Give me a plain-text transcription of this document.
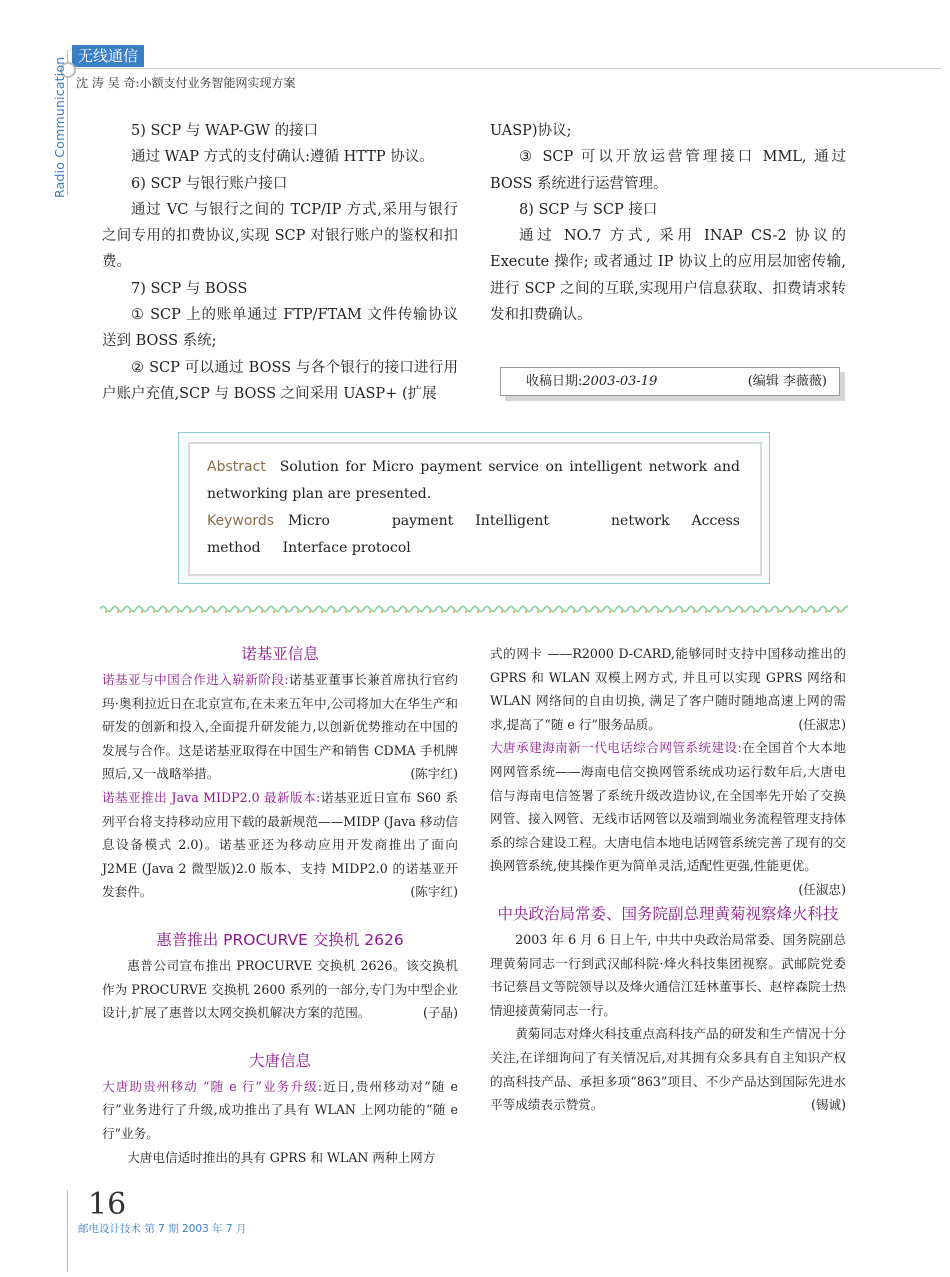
无线通信
Radio Communication 沈 涛 吴 奇:小额支付业务智能网实现方案

5) SCP 与 WAP-GW 的接口

通过 WAP 方式的支付确认:遵循 HTTP 协议。

6) SCP 与银行账户接口

通过 VC 与银行之间的 TCP/IP 方式,采用与银行之间专用的扣费协议,实现 SCP 对银行账户的鉴权和扣费。

7) SCP 与 BOSS

① SCP 上的账单通过 FTP/FTAM 文件传输协议送到 BOSS 系统;

② SCP 可以通过 BOSS 与各个银行的接口进行用户账户充值,SCP 与 BOSS 之间采用 UASP+ (扩展

UASP)协议;

③ SCP 可以开放运营管理接口 MML, 通过 BOSS 系统进行运营管理。

8) SCP 与 SCP 接口

通过 NO.7 方式, 采用 INAP CS-2 协议的 Execute 操作; 或者通过 IP 协议上的应用层加密传输,进行 SCP 之间的互联,实现用户信息获取、扣费请求转发和扣费确认。

收稿日期:2003-03-19	(编辑 李薇薇)
Abstract Solution for Micro payment service on intelligent network and networking plan are presented.
Keywords Micro payment Intelligent network Access method Interface protocol

诺基亚信息

诺基亚与中国合作进入崭新阶段:诺基亚董事长兼首席执行官约玛·奥利拉近日在北京宣布,在未来五年中,公司将加大在华生产和研发的创新和投入,全面提升研发能力,以创新优势推动在中国的发展与合作。这是诺基亚取得在中国生产和销售 CDMA 手机牌照后,又一战略举措。	(陈宇红)

诺基亚推出 Java MIDP2.0 最新版本:诺基亚近日宣布 S60 系列平台将支持移动应用下载的最新规范——MIDP (Java 移动信息设备模式 2.0)。诺基亚还为移动应用开发商推出了面向 J2ME (Java 2 微型版)2.0 版本、支持 MIDP2.0 的诺基亚开发套件。	(陈宇红)

惠普推出 PROCURVE 交换机 2626

惠普公司宣布推出 PROCURVE 交换机 2626。该交换机作为 PROCURVE 交换机 2600 系列的一部分,专门为中型企业设计,扩展了惠普以太网交换机解决方案的范围。	(子晶)

大唐信息

大唐助贵州移动 “随 e 行”业务升级:近日,贵州移动对“随 e 行”业务进行了升级,成功推出了具有 WLAN 上网功能的“随 e 行”业务。

大唐电信适时推出的具有 GPRS 和 WLAN 两种上网方

式的网卡 ——R2000 D-CARD,能够同时支持中国移动推出的 GPRS 和 WLAN 双模上网方式, 并且可以实现 GPRS 网络和 WLAN 网络间的自由切换, 满足了客户随时随地高速上网的需求,提高了“随 e 行”服务品质。	(任淑忠)

大唐承建海南新一代电话综合网管系统建设:在全国首个大本地网网管系统——海南电信交换网管系统成功运行数年后,大唐电信与海南电信签署了系统升级改造协议,在全国率先开始了交换网管、接入网管、无线市话网管以及端到端业务流程管理支持体系的综合建设工程。大唐电信本地电话网管系统完善了现有的交换网管系统,使其操作更为简单灵活,适配性更强,性能更优。
(任淑忠)

中央政治局常委、国务院副总理黄菊视察烽火科技

2003 年 6 月 6 日上午, 中共中央政治局常委、国务院副总理黄菊同志一行到武汉邮科院·烽火科技集团视察。武邮院党委书记蔡昌文等院领导以及烽火通信江廷林董事长、赵梓森院士热情迎接黄菊同志一行。

黄菊同志对烽火科技重点高科技产品的研发和生产情况十分关注,在详细询问了有关情况后,对其拥有众多具有自主知识产权的高科技产品、承担多项“863”项目、不少产品达到国际先进水平等成绩表示赞赏。	(锡诚)

16
邮电设计技术 第 7 期 2003 年 7 月
